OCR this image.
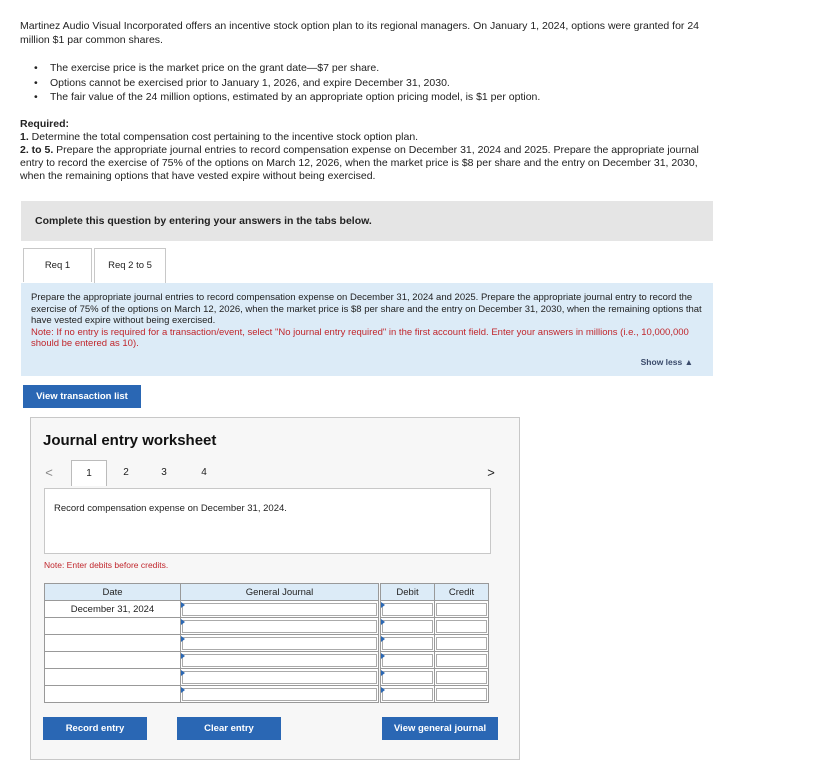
Martinez Audio Visual Incorporated offers an incentive stock option plan to its regional managers. On January 1, 2024, options were granted for 24 million $1 par common shares.
• The exercise price is the market price on the grant date—$7 per share.
• Options cannot be exercised prior to January 1, 2026, and expire December 31, 2030.
• The fair value of the 24 million options, estimated by an appropriate option pricing model, is $1 per option.
Required:
1. Determine the total compensation cost pertaining to the incentive stock option plan.
2. to 5. Prepare the appropriate journal entries to record compensation expense on December 31, 2024 and 2025. Prepare the appropriate journal entry to record the exercise of 75% of the options on March 12, 2026, when the market price is $8 per share and the entry on December 31, 2030, when the remaining options that have vested expire without being exercised.
Complete this question by entering your answers in the tabs below.
Req 1	Req 2 to 5
Prepare the appropriate journal entries to record compensation expense on December 31, 2024 and 2025. Prepare the appropriate journal entry to record the exercise of 75% of the options on March 12, 2026, when the market price is $8 per share and the entry on December 31, 2030, when the remaining options that have vested expire without being exercised.
Note: If no entry is required for a transaction/event, select "No journal entry required" in the first account field. Enter your answers in millions (i.e., 10,000,000 should be entered as 10).
Show less ▲
View transaction list
Journal entry worksheet
<	1	2	3	4	>
Record compensation expense on December 31, 2024.
Note: Enter debits before credits.
Date	General Journal		Debit	Credit
December 31, 2024	

Record entry	Clear entry	View general journal
